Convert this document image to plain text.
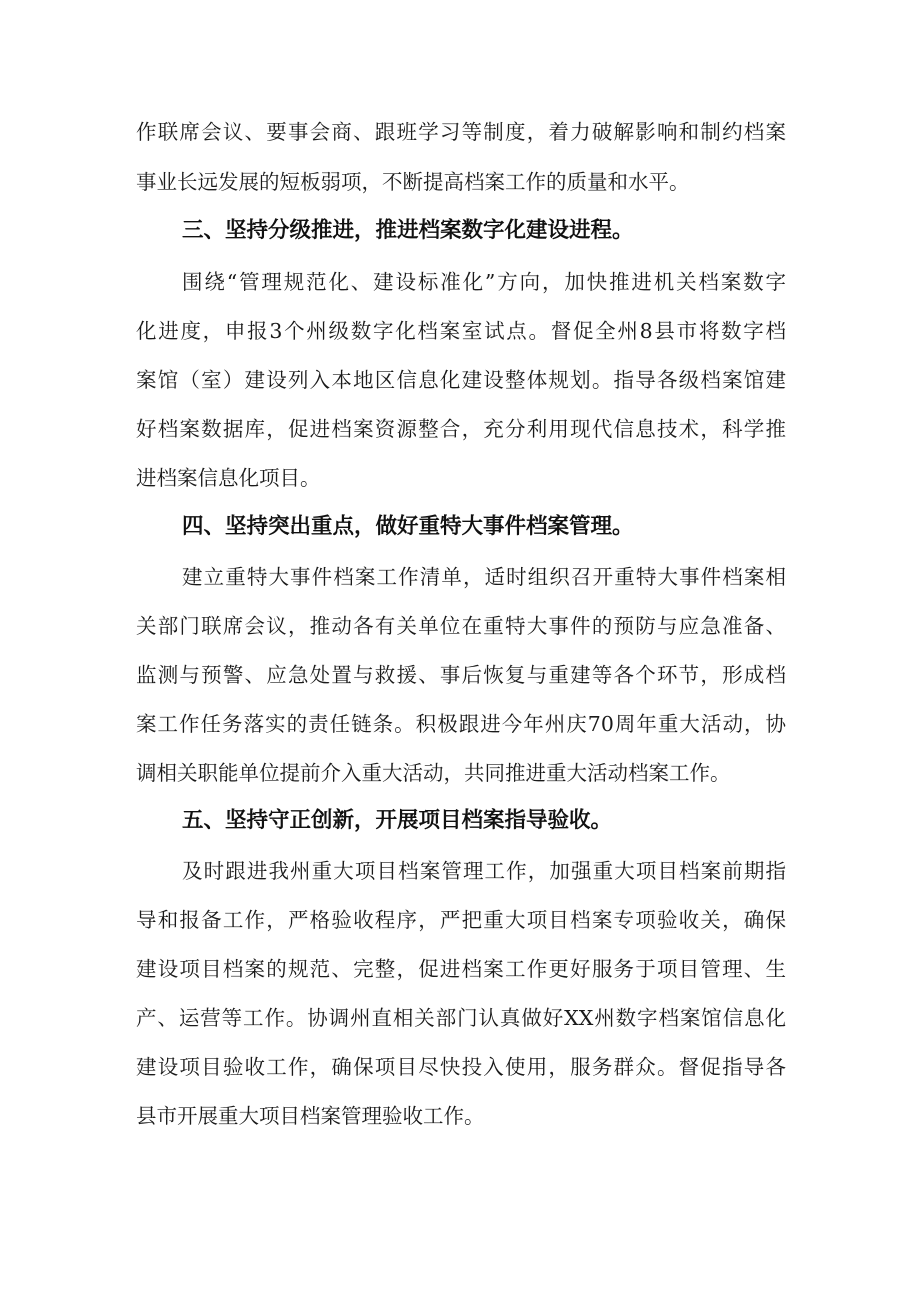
作联席会议、要事会商、跟班学习等制度，着力破解影响和制约档案
事业长远发展的短板弱项，不断提高档案工作的质量和水平。
三、坚持分级推进，推进档案数字化建设进程。
围绕“管理规范化、建设标准化”方向，加快推进机关档案数字
化进度，申报3个州级数字化档案室试点。督促全州8县市将数字档
案馆（室）建设列入本地区信息化建设整体规划。指导各级档案馆建
好档案数据库，促进档案资源整合，充分利用现代信息技术，科学推
进档案信息化项目。
四、坚持突出重点，做好重特大事件档案管理。
建立重特大事件档案工作清单，适时组织召开重特大事件档案相
关部门联席会议，推动各有关单位在重特大事件的预防与应急准备、
监测与预警、应急处置与救援、事后恢复与重建等各个环节，形成档
案工作任务落实的责任链条。积极跟进今年州庆70周年重大活动，协
调相关职能单位提前介入重大活动，共同推进重大活动档案工作。
五、坚持守正创新，开展项目档案指导验收。
及时跟进我州重大项目档案管理工作，加强重大项目档案前期指
导和报备工作，严格验收程序，严把重大项目档案专项验收关，确保
建设项目档案的规范、完整，促进档案工作更好服务于项目管理、生
产、运营等工作。协调州直相关部门认真做好XX州数字档案馆信息化
建设项目验收工作，确保项目尽快投入使用，服务群众。督促指导各
县市开展重大项目档案管理验收工作。
